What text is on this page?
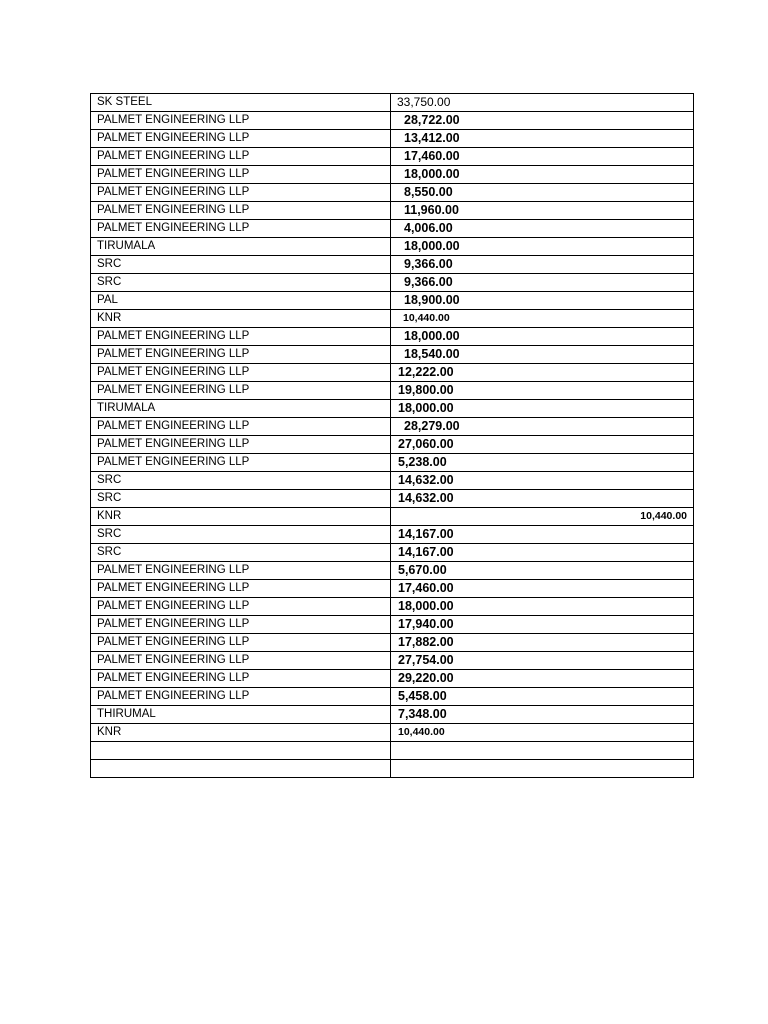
SK STEEL	33,750.00
PALMET ENGINEERING LLP	28,722.00
PALMET ENGINEERING LLP	13,412.00
PALMET ENGINEERING LLP	17,460.00
PALMET ENGINEERING LLP	18,000.00
PALMET ENGINEERING LLP	8,550.00
PALMET ENGINEERING LLP	11,960.00
PALMET ENGINEERING LLP	4,006.00
TIRUMALA	18,000.00
SRC	9,366.00
SRC	9,366.00
PAL	18,900.00
KNR	10,440.00
PALMET ENGINEERING LLP	18,000.00
PALMET ENGINEERING LLP	18,540.00
PALMET ENGINEERING LLP	12,222.00
PALMET ENGINEERING LLP	19,800.00
TIRUMALA	18,000.00
PALMET ENGINEERING LLP	28,279.00
PALMET ENGINEERING LLP	27,060.00
PALMET ENGINEERING LLP	5,238.00
SRC	14,632.00
SRC	14,632.00
KNR	10,440.00
SRC	14,167.00
SRC	14,167.00
PALMET ENGINEERING LLP	5,670.00
PALMET ENGINEERING LLP	17,460.00
PALMET ENGINEERING LLP	18,000.00
PALMET ENGINEERING LLP	17,940.00
PALMET ENGINEERING LLP	17,882.00
PALMET ENGINEERING LLP	27,754.00
PALMET ENGINEERING LLP	29,220.00
PALMET ENGINEERING LLP	5,458.00
THIRUMAL	7,348.00
KNR	10,440.00
